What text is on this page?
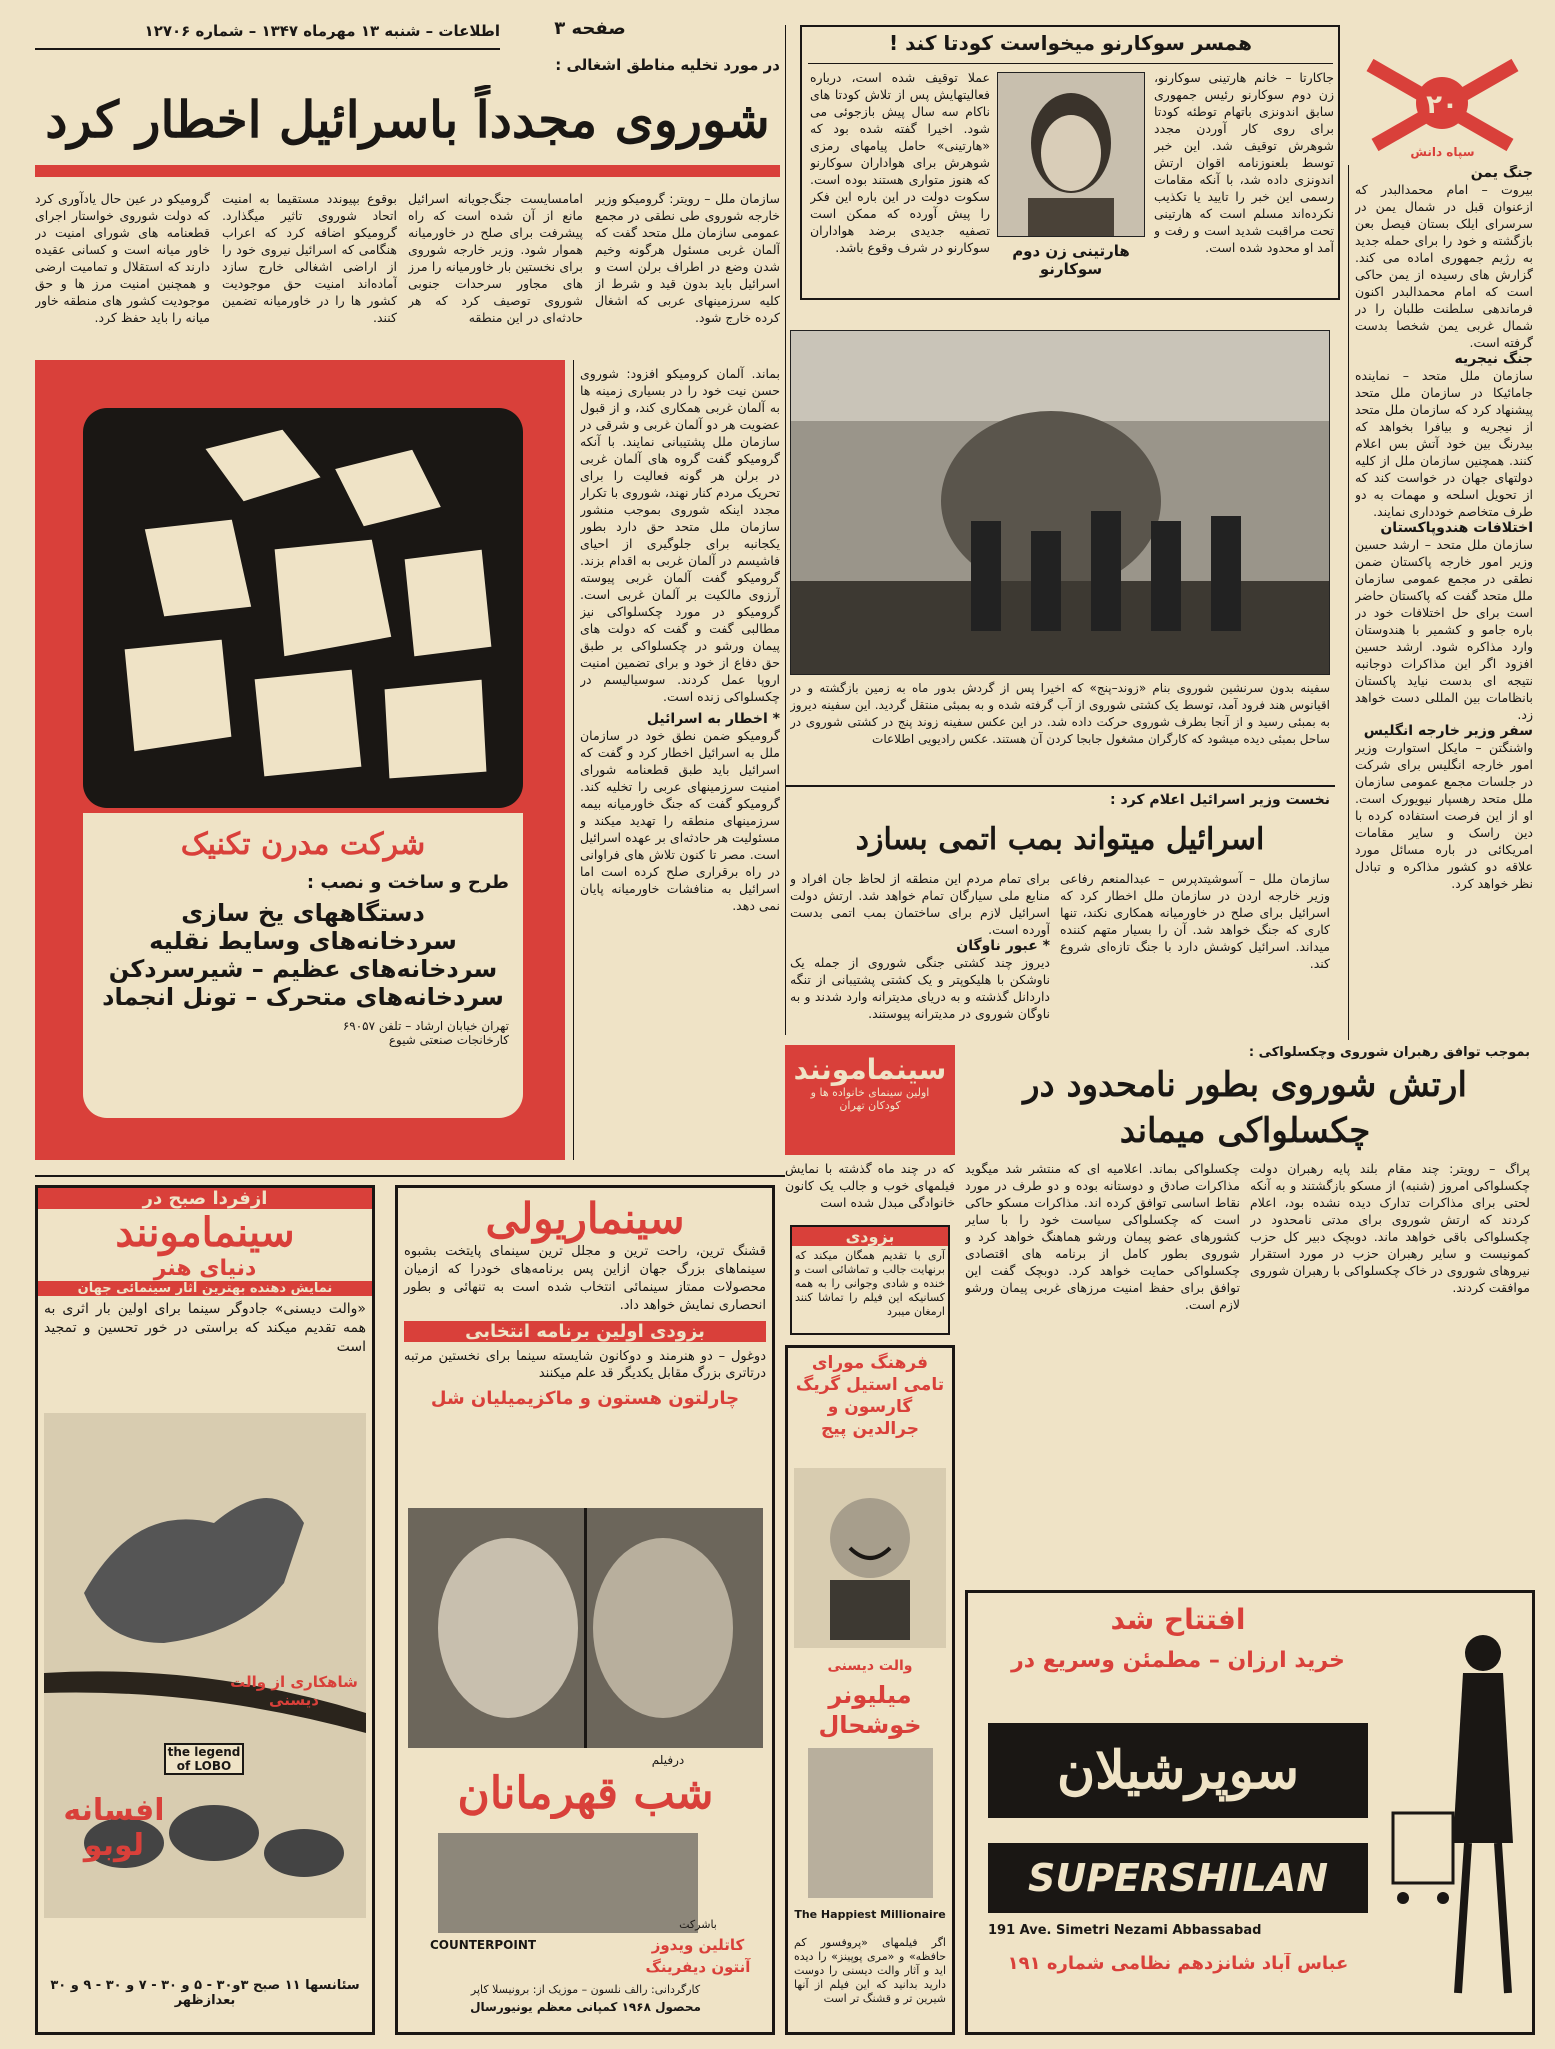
صفحه ۳
اطلاعات – شنبه ۱۳ مهرماه ۱۳۴۷ – شماره ۱۲۷۰۶
۲۰
سپاه دانش
همسر سوکارنو میخواست کودتا کند !
جاکارتا – خانم هارتینی سوکارنو، زن دوم سوکارنو رئیس جمهوری سابق اندونزی باتهام توطئه کودتا برای روی کار آوردن مجدد شوهرش توقیف شد. این خبر توسط بلعنوزنامه اقوان ارتش اندونزی داده شد، با آنکه مقامات رسمی این خبر را تایید یا تکذیب نکرده‌اند مسلم است که هارتینی تحت مراقبت شدید است و رفت و آمد او محدود شده است.
هارتینی زن دوم سوکارنو
عملا توقیف شده است، درباره فعالیتهایش پس از تلاش کودتا های ناکام سه سال پیش بازجوئی می شود. اخیرا گفته شده بود که «هارتینی» حامل پیامهای رمزی شوهرش برای هواداران سوکارنو که هنوز متواری هستند بوده است. سکوت دولت در این باره این فکر را پیش آورده که ممکن است تصفیه جدیدی برضد هواداران سوکارنو در شرف وقوع باشد.
جنگ یمن
بیروت – امام محمدالبدر که ازعنوان قبل در شمال یمن در سرسرای ایلک بستان فیصل بعن بازگشته و خود را برای حمله جدید به رژیم جمهوری اماده می کند. گزارش های رسیده از یمن حاکی است که امام محمدالبدر اکنون فرماندهی سلطنت طلبان را در شمال غربی یمن شخصا بدست گرفته است.
جنگ نیجریه
سازمان ملل متحد – نماینده جامائیکا در سازمان ملل متحد پیشنهاد کرد که سازمان ملل متحد از نیجریه و بیافرا بخواهد که بیدرنگ بین خود آتش بس اعلام کنند. همچنین سازمان ملل از کلیه دولتهای جهان در خواست کند که از تحویل اسلحه و مهمات به دو طرف متخاصم خودداری نمایند.
اختلافات هندوپاکستان
سازمان ملل متحد – ارشد حسین وزیر امور خارجه پاکستان ضمن نطقی در مجمع عمومی سازمان ملل متحد گفت که پاکستان حاضر است برای حل اختلافات خود در باره جامو و کشمیر با هندوستان وارد مذاکره شود. ارشد حسین افزود اگر این مذاکرات دوجانبه نتیجه ای بدست نیاید پاکستان بانظامات بین المللی دست خواهد زد.
سفر وزیر خارجه انگلیس
واشنگتن – مایکل استوارت وزیر امور خارجه انگلیس برای شرکت در جلسات مجمع عمومی سازمان ملل متحد رهسپار نیویورک است. او از این فرصت استفاده کرده با دین راسک و سایر مقامات امریکائی در باره مسائل مورد علاقه دو کشور مذاکره و تبادل نظر خواهد کرد.
در مورد تخلیه مناطق اشغالی :
شوروی مجدداً باسرائیل اخطار کرد
گرومیکو در عین حال یادآوری کرد که دولت شوروی خواستار اجرای قطعنامه های شورای امنیت در خاور میانه است و کسانی عقیده دارند که استقلال و تمامیت ارضی و همچنین امنیت مرز ها و حق موجودیت کشور های منطقه خاور میانه را باید حفظ کرد.
بوقوع بپیوندد مستقیما به امنیت اتحاد شوروی تاثیر میگذارد. گرومیکو اضافه کرد که اعراب هنگامی که اسرائیل نیروی خود را از اراضی اشغالی خارج سازد آماده‌اند امنیت حق موجودیت کشور ها را در خاورمیانه تضمین کنند.
امامسایست جنگ‌جویانه اسرائیل مانع از آن شده است که راه پیشرفت برای صلح در خاورمیانه هموار شود. وزیر خارجه شوروی برای نخستین بار خاورمیانه را مرز های مجاور سرحدات جنوبی شوروی توصیف کرد که هر حادثه‌ای در این منطقه
سازمان ملل – رویتر: گرومیکو وزیر خارجه شوروی طی نطقی در مجمع عمومی سازمان ملل متحد گفت که آلمان غربی مسئول هرگونه وخیم شدن وضع در اطراف برلن است و اسرائیل باید بدون قید و شرط از کلیه سرزمینهای عربی که اشغال کرده خارج شود.
بماند. آلمان کرومیکو افزود: شوروی حسن نیت خود را در بسیاری زمینه ها به آلمان غربی همکاری کند، و از قبول عضویت هر دو آلمان غربی و شرقی در سازمان ملل پشتیبانی نمایند. با آنکه گرومیکو گفت گروه های آلمان غربی در برلن هر گونه فعالیت را برای تحریک مردم کنار نهند، شوروی با تکرار مجدد اینکه شوروی بموجب منشور سازمان ملل متحد حق دارد بطور یکجانبه برای جلوگیری از احیای فاشیسم در آلمان غربی به اقدام بزند. گرومیکو گفت آلمان غربی پیوسته آرزوی مالکیت بر آلمان غربی است. گرومیکو در مورد چکسلواکی نیز مطالبی گفت و گفت که دولت های پیمان ورشو در چکسلواکی بر طبق حق دفاع از خود و برای تضمین امنیت اروپا عمل کردند. سوسیالیسم در چکسلواکی زنده است.
* اخطار به اسرائیل
گرومیکو ضمن نطق خود در سازمان ملل به اسرائیل اخطار کرد و گفت که اسرائیل باید طبق قطعنامه شورای امنیت سرزمینهای عربی را تخلیه کند. گرومیکو گفت که جنگ خاورمیانه بیمه سرزمینهای منطقه را تهدید میکند و مسئولیت هر حادثه‌ای بر عهده اسرائیل است. مصر تا کنون تلاش های فراوانی در راه برقراری صلح کرده است اما اسرائیل به منافشات خاورمیانه پایان نمی دهد.
شرکت مدرن تکنیک
طرح و ساخت و نصب :
دستگاههای یخ سازی
سردخانه‌های وسایط نقلیه
سردخانه‌های عظیم – شیرسردکن
سردخانه‌های متحرک – تونل انجماد
تهران خیابان ارشاد – تلفن ۶۹۰۵۷
کارخانجات صنعتی شیوع
سفینه بدون سرنشین شوروی بنام «زوند–پنج» که اخیرا پس از گردش بدور ماه به زمین بازگشته و در اقیانوس هند فرود آمد، توسط یک کشتی شوروی از آب گرفته شده و به بمبئی منتقل گردید. این سفینه دیروز به بمبئی رسید و از آنجا بطرف شوروی حرکت داده شد. در این عکس سفینه زوند پنج در کشتی شوروی در ساحل بمبئی دیده میشود که کارگران مشغول جابجا کردن آن هستند. عکس رادیویی اطلاعات
نخست وزیر اسرائیل اعلام کرد :
اسرائیل میتواند بمب اتمی بسازد
سازمان ملل – آسوشیتدپرس – عبدالمنعم رفاعی وزیر خارجه اردن در سازمان ملل اخطار کرد که اسرائیل برای صلح در خاورمیانه همکاری نکند، تنها کاری که جنگ خواهد شد. آن را بسیار متهم کننده میداند. اسرائیل کوشش دارد با جنگ تازه‌ای شروع کند.
برای تمام مردم این منطقه از لحاظ جان افراد و منابع ملی سیارگان تمام خواهد شد. ارتش دولت اسرائیل لازم برای ساختمان بمب اتمی بدست آورده است.
* عبور ناوگان
دیروز چند کشتی جنگی شوروی از جمله یک ناوشکن با هلیکوپتر و یک کشتی پشتیبانی از تنگه داردانل گذشته و به دریای مدیترانه وارد شدند و به ناوگان شوروی در مدیترانه پیوستند.
سینمامونند
اولین سینمای خانواده ها و کودکان تهران
که در چند ماه گذشته با نمایش فیلمهای خوب و جالب یک کانون خانوادگی مبدل شده است
بزودی
آری با تقدیم همگان میکند که برنهایت جالب و تماشائی است و خنده و شادی وجوانی را به همه کسانیکه این فیلم را تماشا کنند ارمغان میبرد
بموجب توافق رهبران شوروی وچکسلواکی :
ارتش شوروی بطور نامحدود در چکسلواکی میماند
پراگ – رویتر: چند مقام بلند پایه رهبران دولت چکسلواکی امروز (شنبه) از مسکو بازگشتند و به آنکه لحتی برای مذاکرات تدارک دیده نشده بود، اعلام کردند که ارتش شوروی برای مدتی نامحدود در چکسلواکی باقی خواهد ماند. دوبچک دبیر کل حزب کمونیست و سایر رهبران حزب در مورد استقرار نیروهای شوروی در خاک چکسلواکی با رهبران شوروی موافقت کردند.
چکسلواکی بماند. اعلامیه ای که منتشر شد میگوید مذاکرات صادق و دوستانه بوده و دو طرف در مورد نقاط اساسی توافق کرده اند. مذاکرات مسکو حاکی است که چکسلواکی سیاست خود را با سایر کشورهای عضو پیمان ورشو هماهنگ خواهد کرد و شوروی بطور کامل از برنامه های اقتصادی چکسلواکی حمایت خواهد کرد. دوبچک گفت این توافق برای حفظ امنیت مرزهای غربی پیمان ورشو لازم است.
ازفردا صبح در
سینمامونند
دنیای هنر
نمایش دهنده بهترین آثار سینمائی جهان
«والت دیسنی» جادوگر سینما برای اولین بار اثری به همه تقدیم میکند که براستی در خور تحسین و تمجید است
the legend of LOBO
شاهکاری از والت دیسنی
افسانه لوبو
سئانسها ۱۱ صبح ۳و۳۰ - ۵ و ۳۰ - ۷ و ۳۰ - ۹ و ۳۰ بعدازظهر
سینماریولی
قشنگ ترین، راحت ترین و مجلل ترین سینمای پایتخت بشبوه سینماهای بزرگ جهان ازاین پس برنامه‌های خودرا که ازمیان محصولات ممتاز سینمائی انتخاب شده است به تنهائی و بطور انحصاری نمایش خواهد داد.
بزودی اولین برنامه انتخابی
دوغول – دو هنرمند و دوکانون شایسته سینما برای نخستین مرتبه درتاتری بزرگ مقابل یکدیگر قد علم میکنند
چارلتون هستون و ماکزیمیلیان شل
درفیلم
شب قهرمانان
COUNTERPOINT
باشرکت
کاتلین ویدوز
آنتون دیفرینگ
کارگردانی: رالف نلسون – موزیک از: برونیسلا کاپر
محصول ۱۹۶۸ کمپانی معظم یونیورسال
فرهنگ مورای تامی استیل گریگ گارسون و جرالدین پیج
والت دیسنی
میلیونر خوشحال
The Happiest Millionaire
اگر فیلمهای «پروفسور کم حافظه» و «مری پوپینز» را دیده اید و آثار والت دیسنی را دوست دارید بدانید که این فیلم از آنها شیرین تر و قشنگ تر است
افتتاح شد
خرید ارزان – مطمئن وسریع در
سوپرشیلان
SUPERSHILAN
191 Ave. Simetri Nezami Abbassabad
عباس آباد شانزدهم نظامی شماره ۱۹۱
